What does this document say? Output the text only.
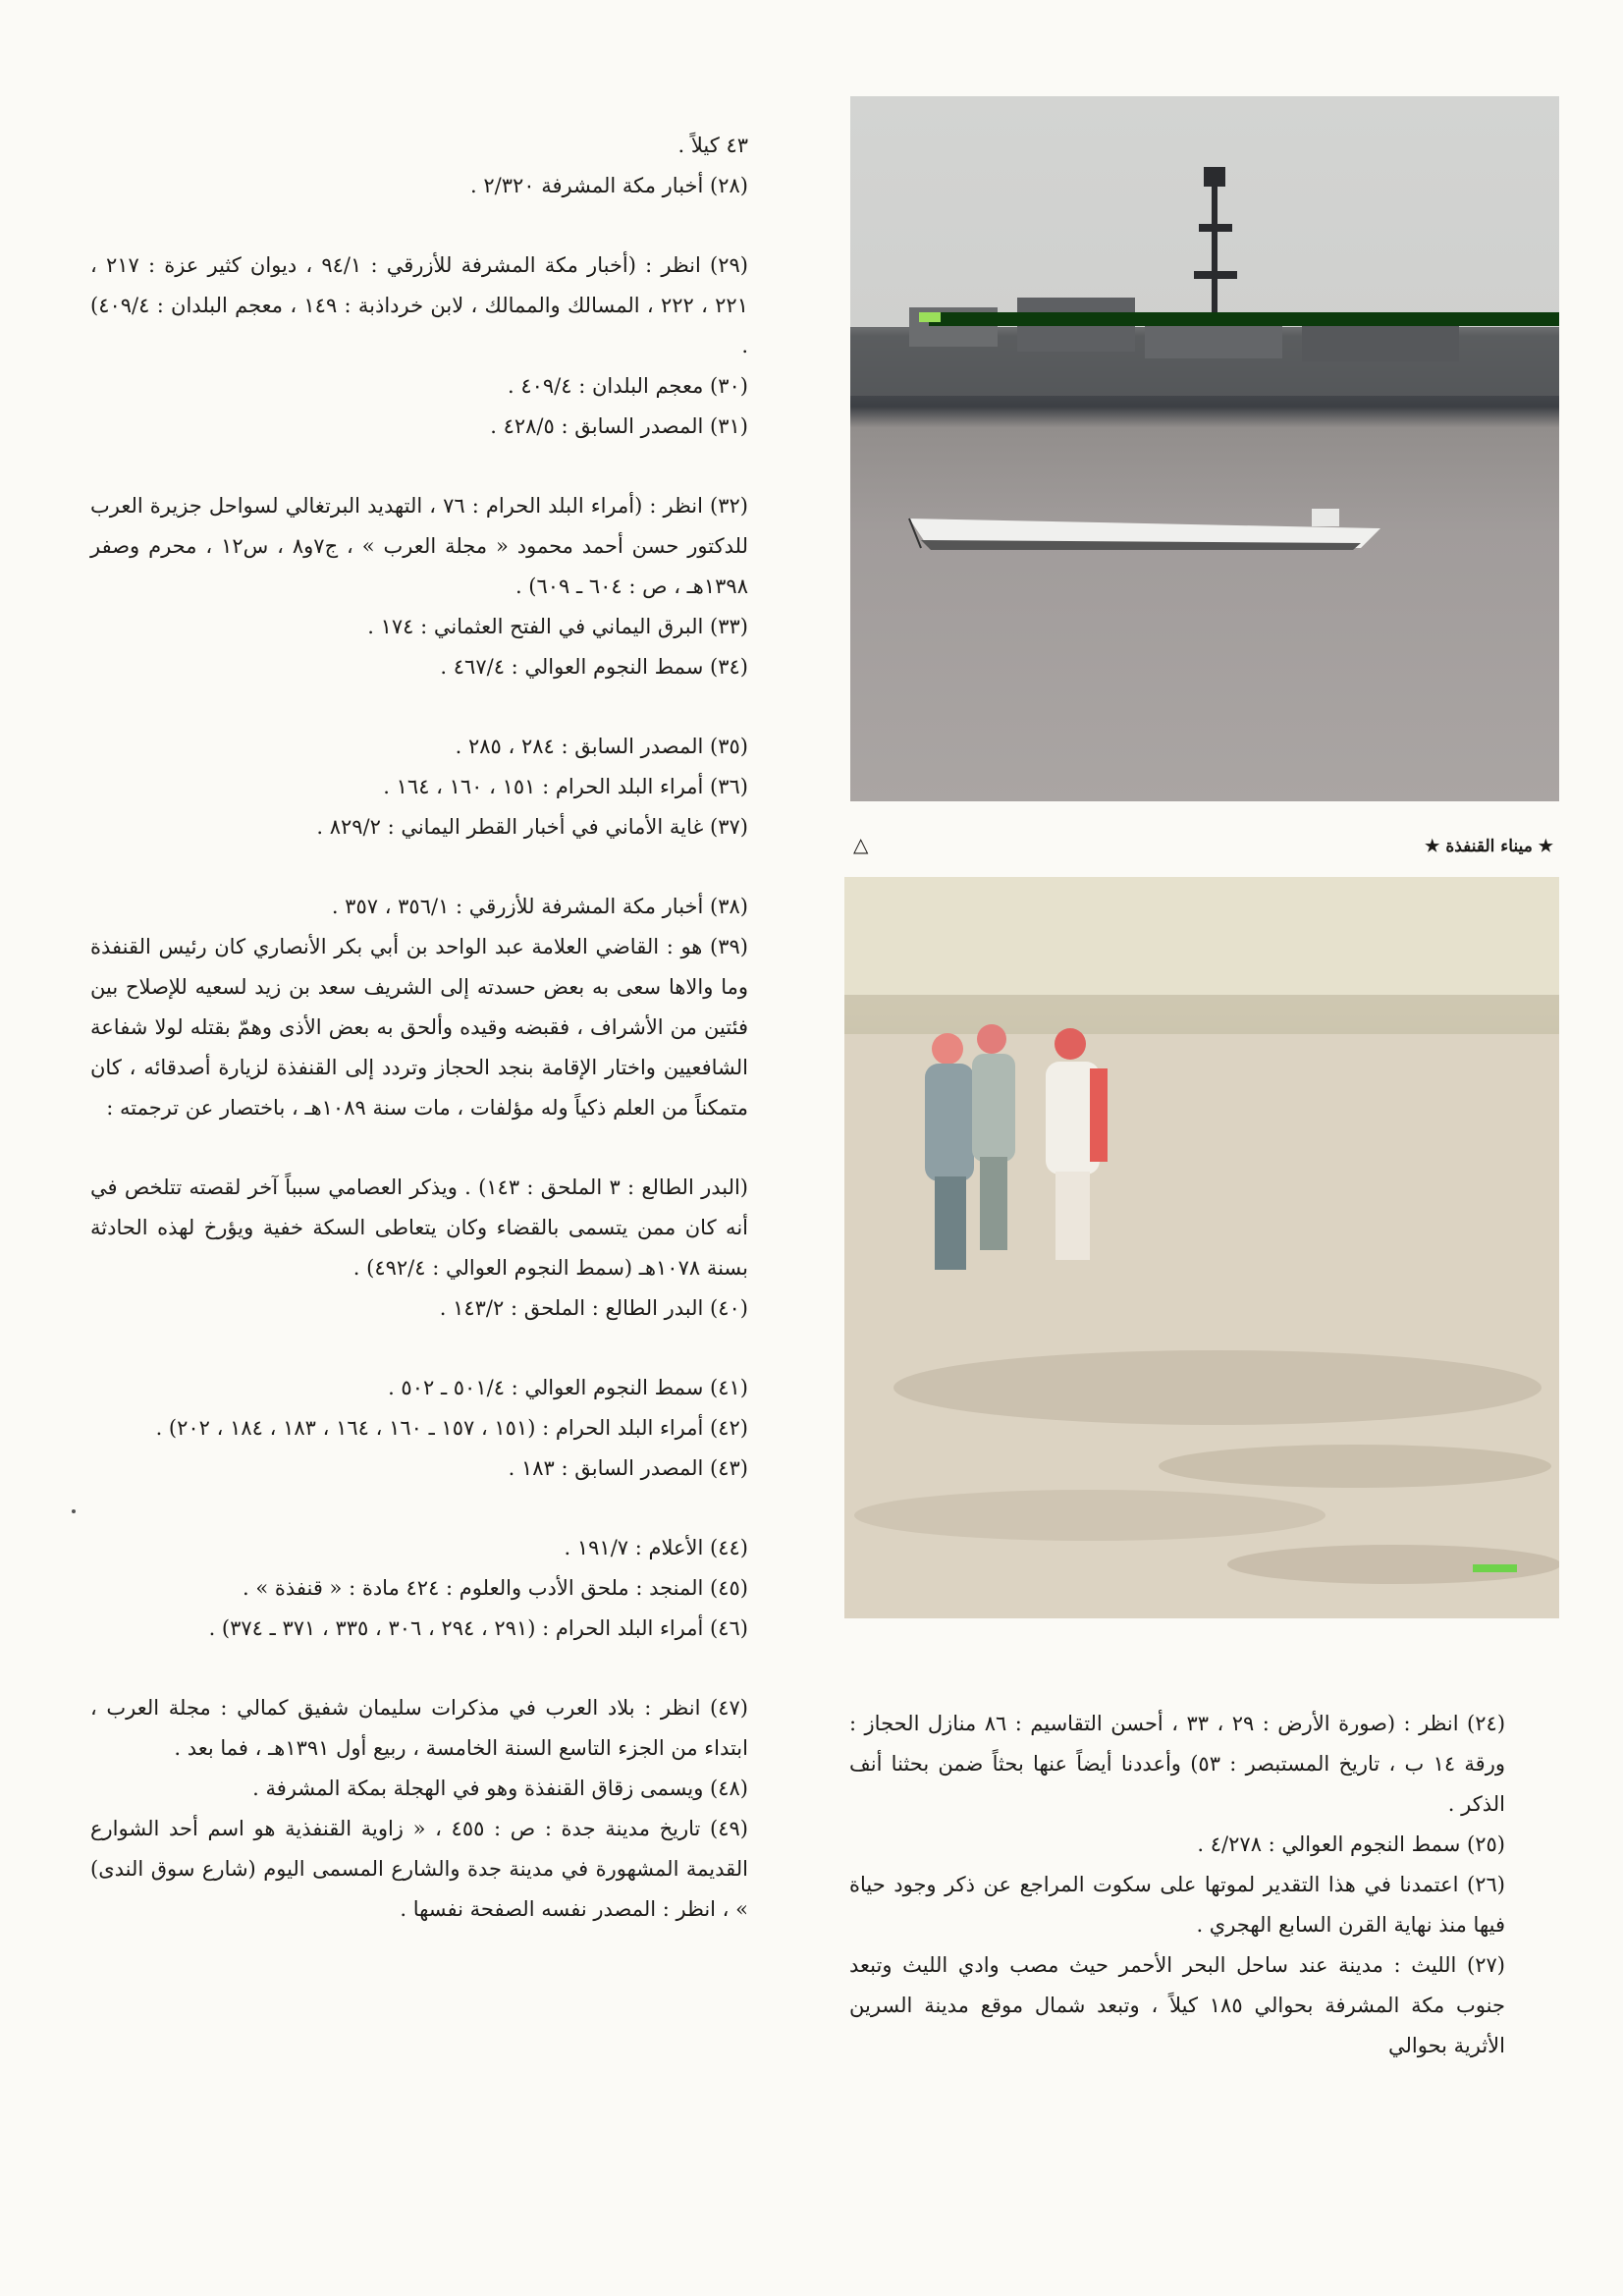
★ ميناء القنفذة ★
△

(٢٤) انظر : (صورة الأرض : ٢٩ ، ٣٣ ، أحسن التقاسيم : ٨٦ منازل الحجاز : ورقة ١٤ ب ، تاريخ المستبصر : ٥٣) وأعددنا أيضاً عنها بحثاً ضمن بحثنا أنف الذكر .

(٢٥) سمط النجوم العوالي : ٤/٢٧٨ .

(٢٦) اعتمدنا في هذا التقدير لموتها على سكوت المراجع عن ذكر وجود حياة فيها منذ نهاية القرن السابع الهجري .

(٢٧) الليث : مدينة عند ساحل البحر الأحمر حيث مصب وادي الليث وتبعد جنوب مكة المشرفة بحوالي ١٨٥ كيلاً ، وتبعد شمال موقع مدينة السرين الأثرية بحوالي

٤٣ كيلاً .

(٢٨) أخبار مكة المشرفة ٢/٣٢٠ .

(٢٩) انظر : (أخبار مكة المشرفة للأزرقي : ٩٤/١ ، ديوان كثير عزة : ٢١٧ ، ٢٢١ ، ٢٢٢ ، المسالك والممالك ، لابن خرداذبة : ١٤٩ ، معجم البلدان : ٤٠٩/٤) .

(٣٠) معجم البلدان : ٤٠٩/٤ .

(٣١) المصدر السابق : ٤٢٨/٥ .

(٣٢) انظر : (أمراء البلد الحرام : ٧٦ ، التهديد البرتغالي لسواحل جزيرة العرب للدكتور حسن أحمد محمود « مجلة العرب » ، ج٧و٨ ، س١٢ ، محرم وصفر ١٣٩٨هـ ، ص : ٦٠٤ ـ ٦٠٩) .

(٣٣) البرق اليماني في الفتح العثماني : ١٧٤ .

(٣٤) سمط النجوم العوالي : ٤٦٧/٤ .

(٣٥) المصدر السابق : ٢٨٤ ، ٢٨٥ .

(٣٦) أمراء البلد الحرام : ١٥١ ، ١٦٠ ، ١٦٤ .

(٣٧) غاية الأماني في أخبار القطر اليماني : ٨٢٩/٢ .

(٣٨) أخبار مكة المشرفة للأزرقي : ٣٥٦/١ ، ٣٥٧ .

(٣٩) هو : القاضي العلامة عبد الواحد بن أبي بكر الأنصاري كان رئيس القنفذة وما والاها سعى به بعض حسدته إلى الشريف سعد بن زيد لسعيه للإصلاح بين فئتين من الأشراف ، فقبضه وقيده وألحق به بعض الأذى وهمّ بقتله لولا شفاعة الشافعيين واختار الإقامة بنجد الحجاز وتردد إلى القنفذة لزيارة أصدقائه ، كان متمكناً من العلم ذكياً وله مؤلفات ، مات سنة ١٠٨٩هـ ، باختصار عن ترجمته :

(البدر الطالع : ٣ الملحق : ١٤٣) . ويذكر العصامي سبباً آخر لقصته تتلخص في أنه كان ممن يتسمى بالقضاء وكان يتعاطى السكة خفية ويؤرخ لهذه الحادثة بسنة ١٠٧٨هـ (سمط النجوم العوالي : ٤٩٢/٤) .

(٤٠) البدر الطالع : الملحق : ١٤٣/٢ .

(٤١) سمط النجوم العوالي : ٥٠١/٤ ـ ٥٠٢ .

(٤٢) أمراء البلد الحرام : (١٥١ ، ١٥٧ ـ ١٦٠ ، ١٦٤ ، ١٨٣ ، ١٨٤ ، ٢٠٢) .

(٤٣) المصدر السابق : ١٨٣ .

(٤٤) الأعلام : ١٩١/٧ .

(٤٥) المنجد : ملحق الأدب والعلوم : ٤٢٤ مادة : « قنفذة » .

(٤٦) أمراء البلد الحرام : (٢٩١ ، ٢٩٤ ، ٣٠٦ ، ٣٣٥ ، ٣٧١ ـ ٣٧٤) .

(٤٧) انظر : بلاد العرب في مذكرات سليمان شفيق كمالي : مجلة العرب ، ابتداء من الجزء التاسع السنة الخامسة ، ربيع أول ١٣٩١هـ ، فما بعد .

(٤٨) ويسمى زقاق القنفذة وهو في الهجلة بمكة المشرفة .

(٤٩) تاريخ مدينة جدة : ص : ٤٥٥ ، « زاوية القنفذية هو اسم أحد الشوارع القديمة المشهورة في مدينة جدة والشارع المسمى اليوم (شارع سوق الندى) » ، انظر : المصدر نفسه الصفحة نفسها .
